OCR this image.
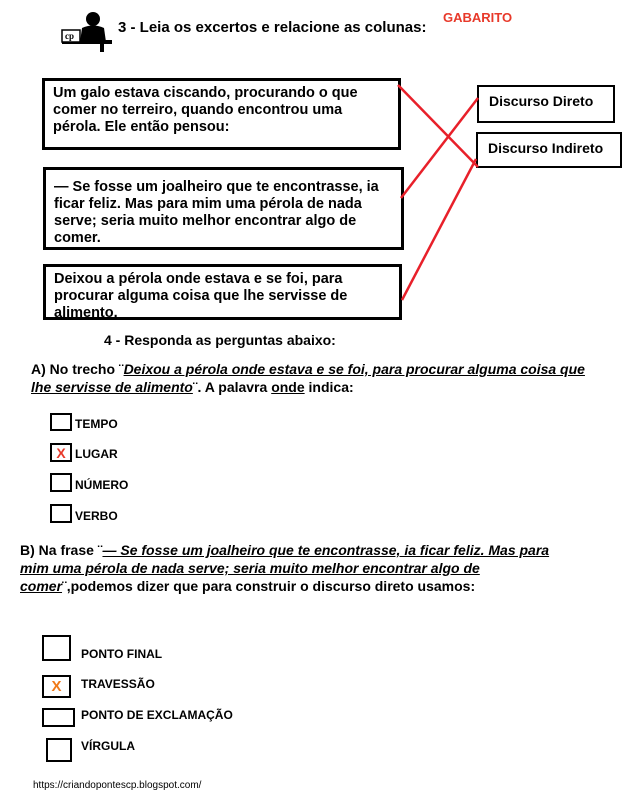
cp	3 - Leia os excertos e relacione as colunas:
GABARITO
Um galo estava ciscando, procurando o que comer no terreiro, quando encontrou uma pérola. Ele então pensou:
— Se fosse um joalheiro que te encontrasse, ia ficar feliz. Mas para mim uma pérola de nada serve; seria muito melhor encontrar algo de comer.
Deixou a pérola onde estava e se foi, para procurar alguma coisa que lhe servisse de alimento.
Discurso Direto
Discurso Indireto
4 - Responda as perguntas abaixo:
A) No trecho ¨Deixou a pérola onde estava e se foi, para procurar alguma coisa que lhe servisse de alimento¨. A palavra onde indica:
TEMPO
X LUGAR
NÚMERO
VERBO
B) Na frase ¨— Se fosse um joalheiro que te encontrasse, ia ficar feliz. Mas para mim uma pérola de nada serve; seria muito melhor encontrar algo de comer¨,podemos dizer que para construir o discurso direto usamos:
PONTO FINAL
X TRAVESSÃO
PONTO DE EXCLAMAÇÃO
VÍRGULA
https://criandopontescp.blogspot.com/
